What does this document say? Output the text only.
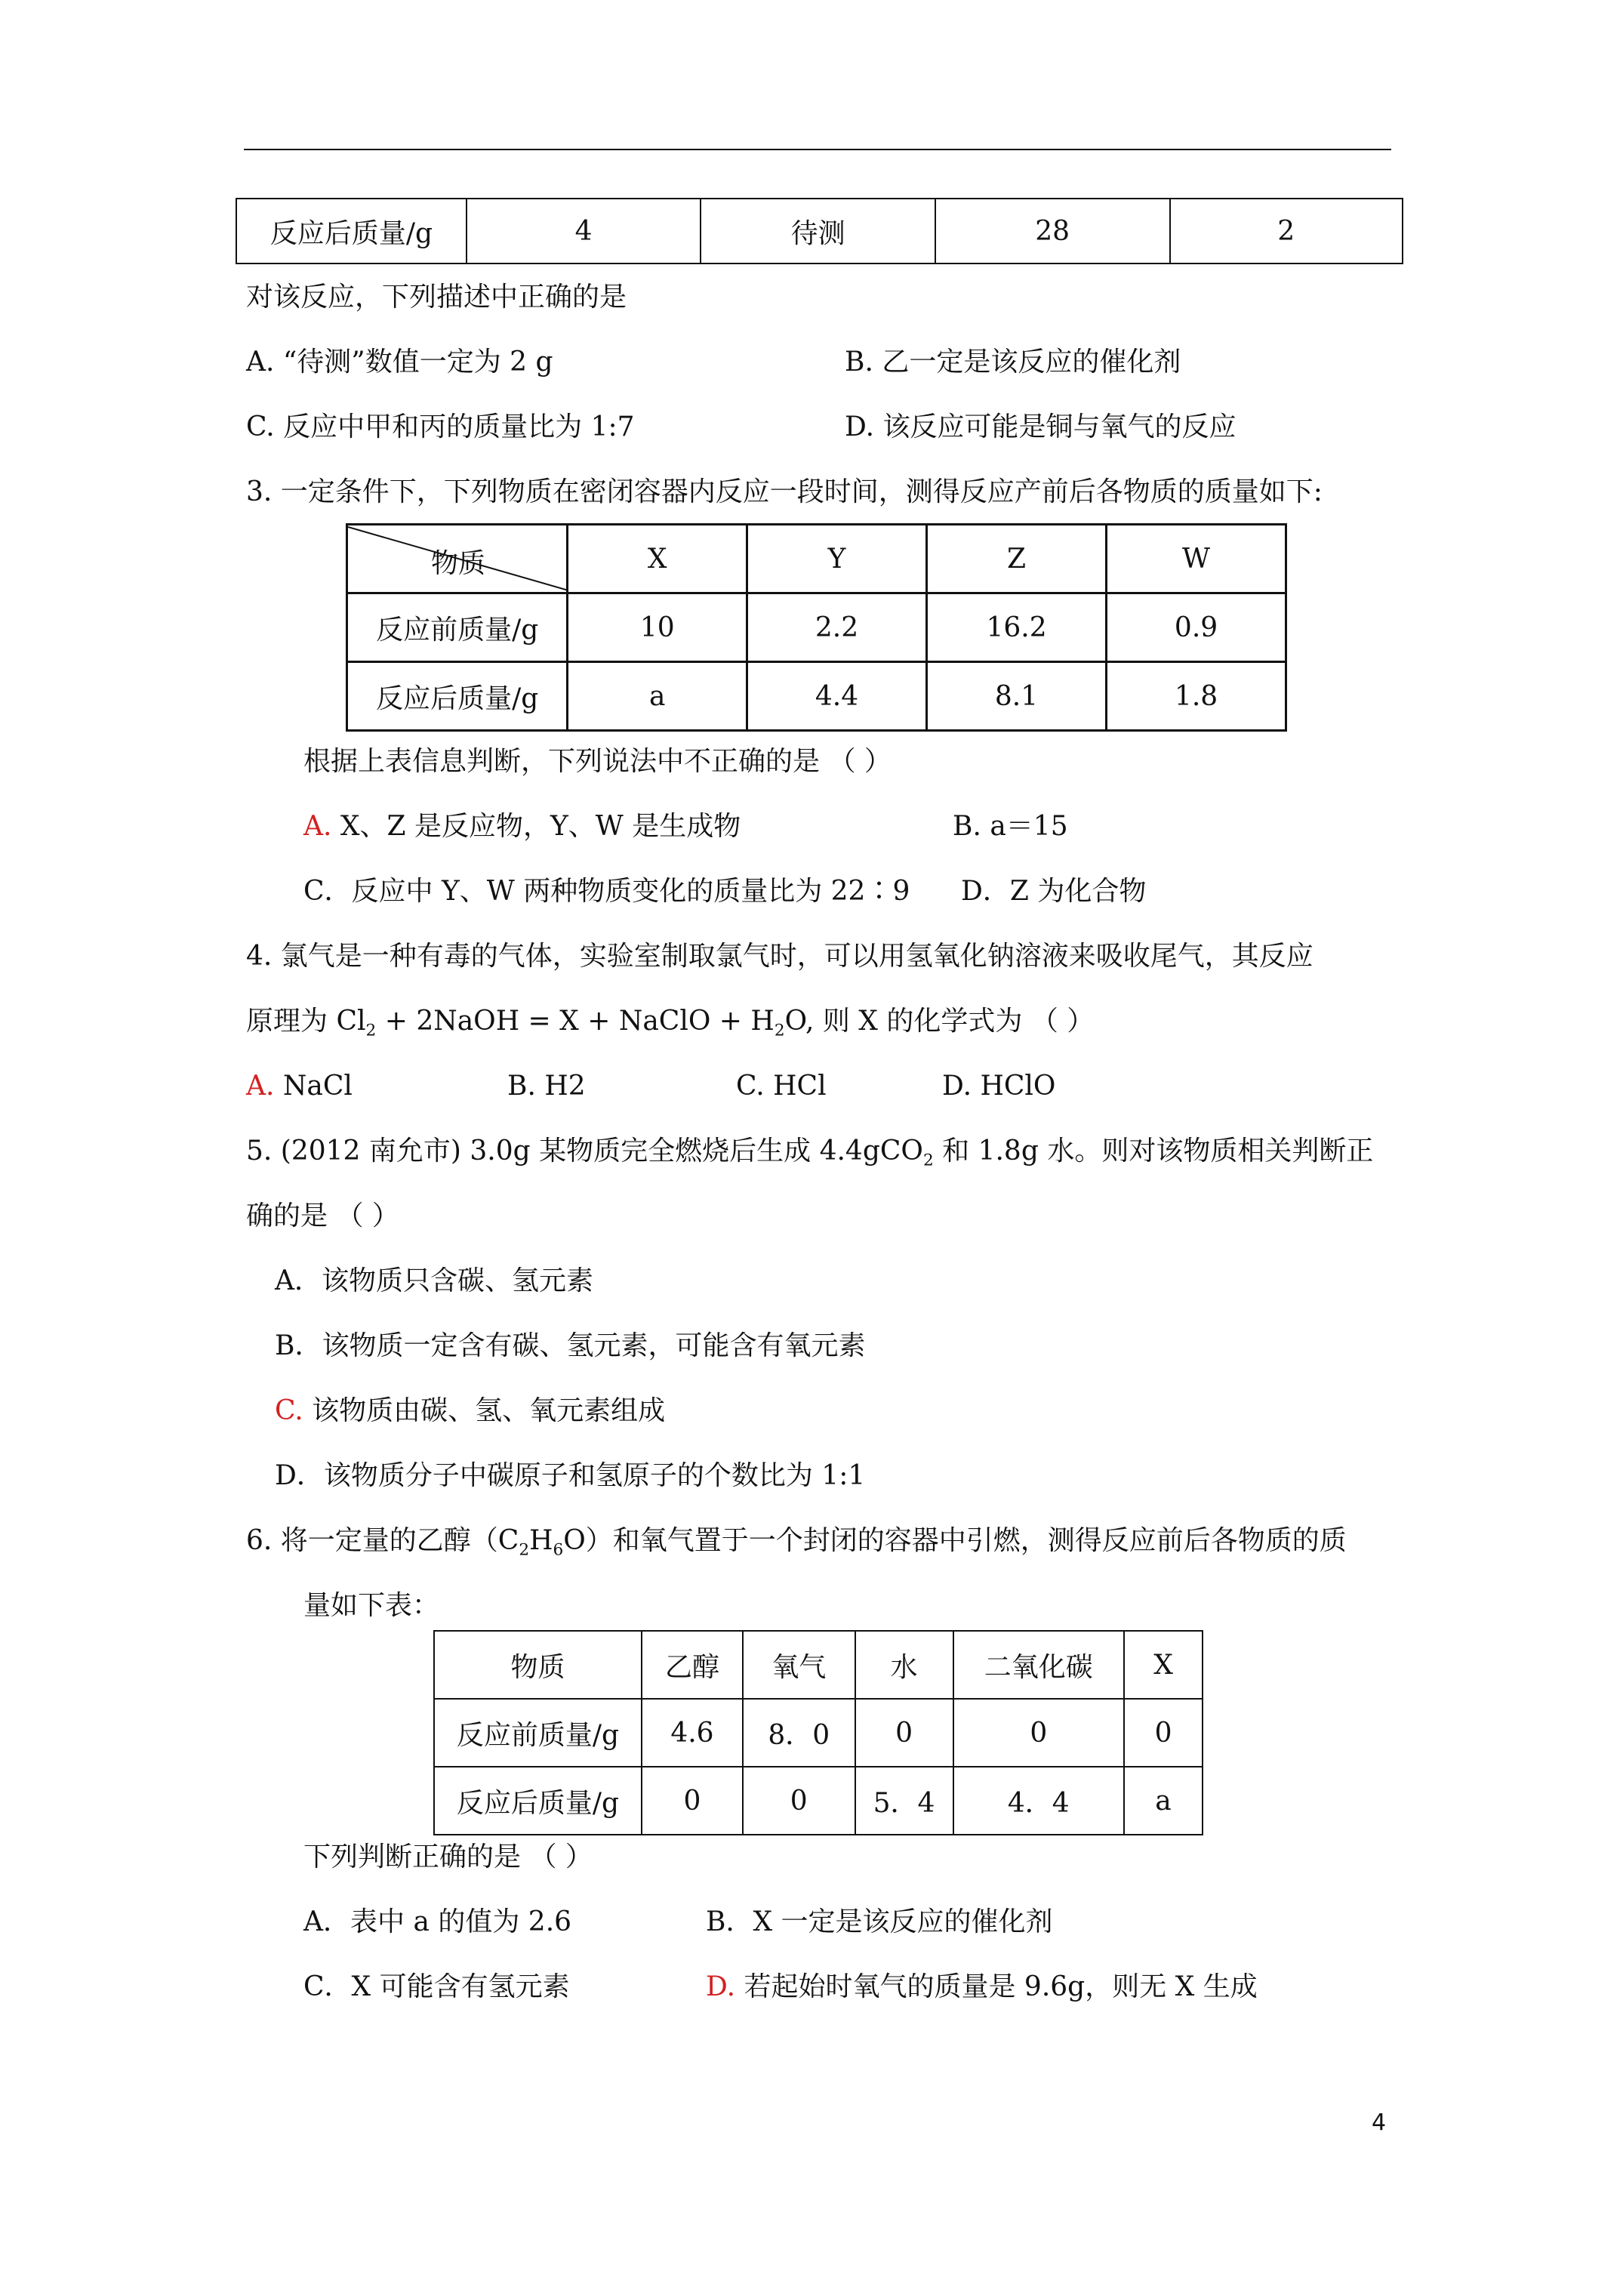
反应后质量/g	4	待测	28	2
对该反应，下列描述中正确的是
A. “待测”数值一定为 2 g	B. 乙一定是该反应的催化剂
C. 反应中甲和丙的质量比为 1:7	D. 该反应可能是铜与氧气的反应
3. 一定条件下，下列物质在密闭容器内反应一段时间，测得反应产前后各物质的质量如下:
物质	X	Y	Z	W
反应前质量/g	10	2.2	16.2	0.9
反应后质量/g	a	4.4	8.1	1.8
根据上表信息判断，下列说法中不正确的是 （ ）
A. X、Z 是反应物，Y、W 是生成物	B. a＝15
C．反应中 Y、W 两种物质变化的质量比为 22∶9 D．Z 为化合物
4. 氯气是一种有毒的气体，实验室制取氯气时，可以用氢氧化钠溶液来吸收尾气，其反应
原理为 $Cl_2$ + 2NaOH = X + NaClO + $H_2O$, 则 X 的化学式为 （ ）
A. NaCl	B. H2	C. HCl	D. HClO
5. (2012 南允市) 3.0g 某物质完全燃烧后生成 4.4gCO$_2$ 和 1.8g 水。则对该物质相关判断正
确的是 （ ）
A．该物质只含碳、氢元素
B．该物质一定含有碳、氢元素，可能含有氧元素
C. 该物质由碳、氢、氧元素组成
D．该物质分子中碳原子和氢原子的个数比为 1:1
6. 将一定量的乙醇$(C_2H_6O)$和氧气置于一个封闭的容器中引燃，测得反应前后各物质的质
量如下表：
物质	乙醇	氧气	水	二氧化碳	X
反应前质量/g	4.6	8．0	0	0	0
反应后质量/g	0	0	5．4	4．4	a
下列判断正确的是 （ ）
A．表中 a 的值为 2.6	B．X 一定是该反应的催化剂
C．X 可能含有氢元素	D. 若起始时氧气的质量是 9.6g，则无 X 生成
4
